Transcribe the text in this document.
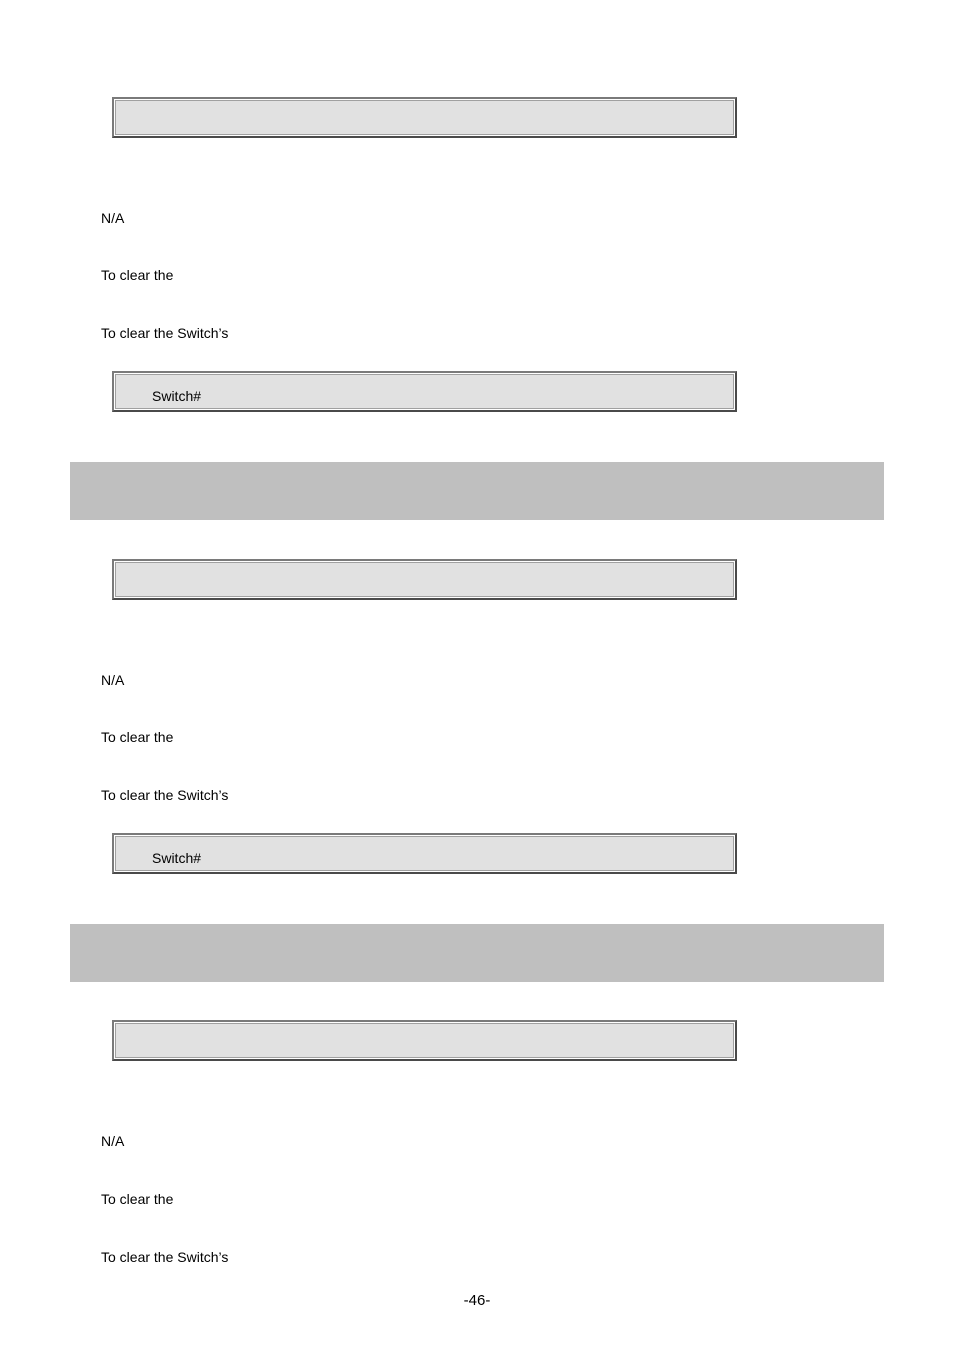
N/A
To clear the
To clear the Switch’s
Switch#
N/A
To clear the
To clear the Switch’s
Switch#
N/A
To clear the
To clear the Switch’s
-46-
